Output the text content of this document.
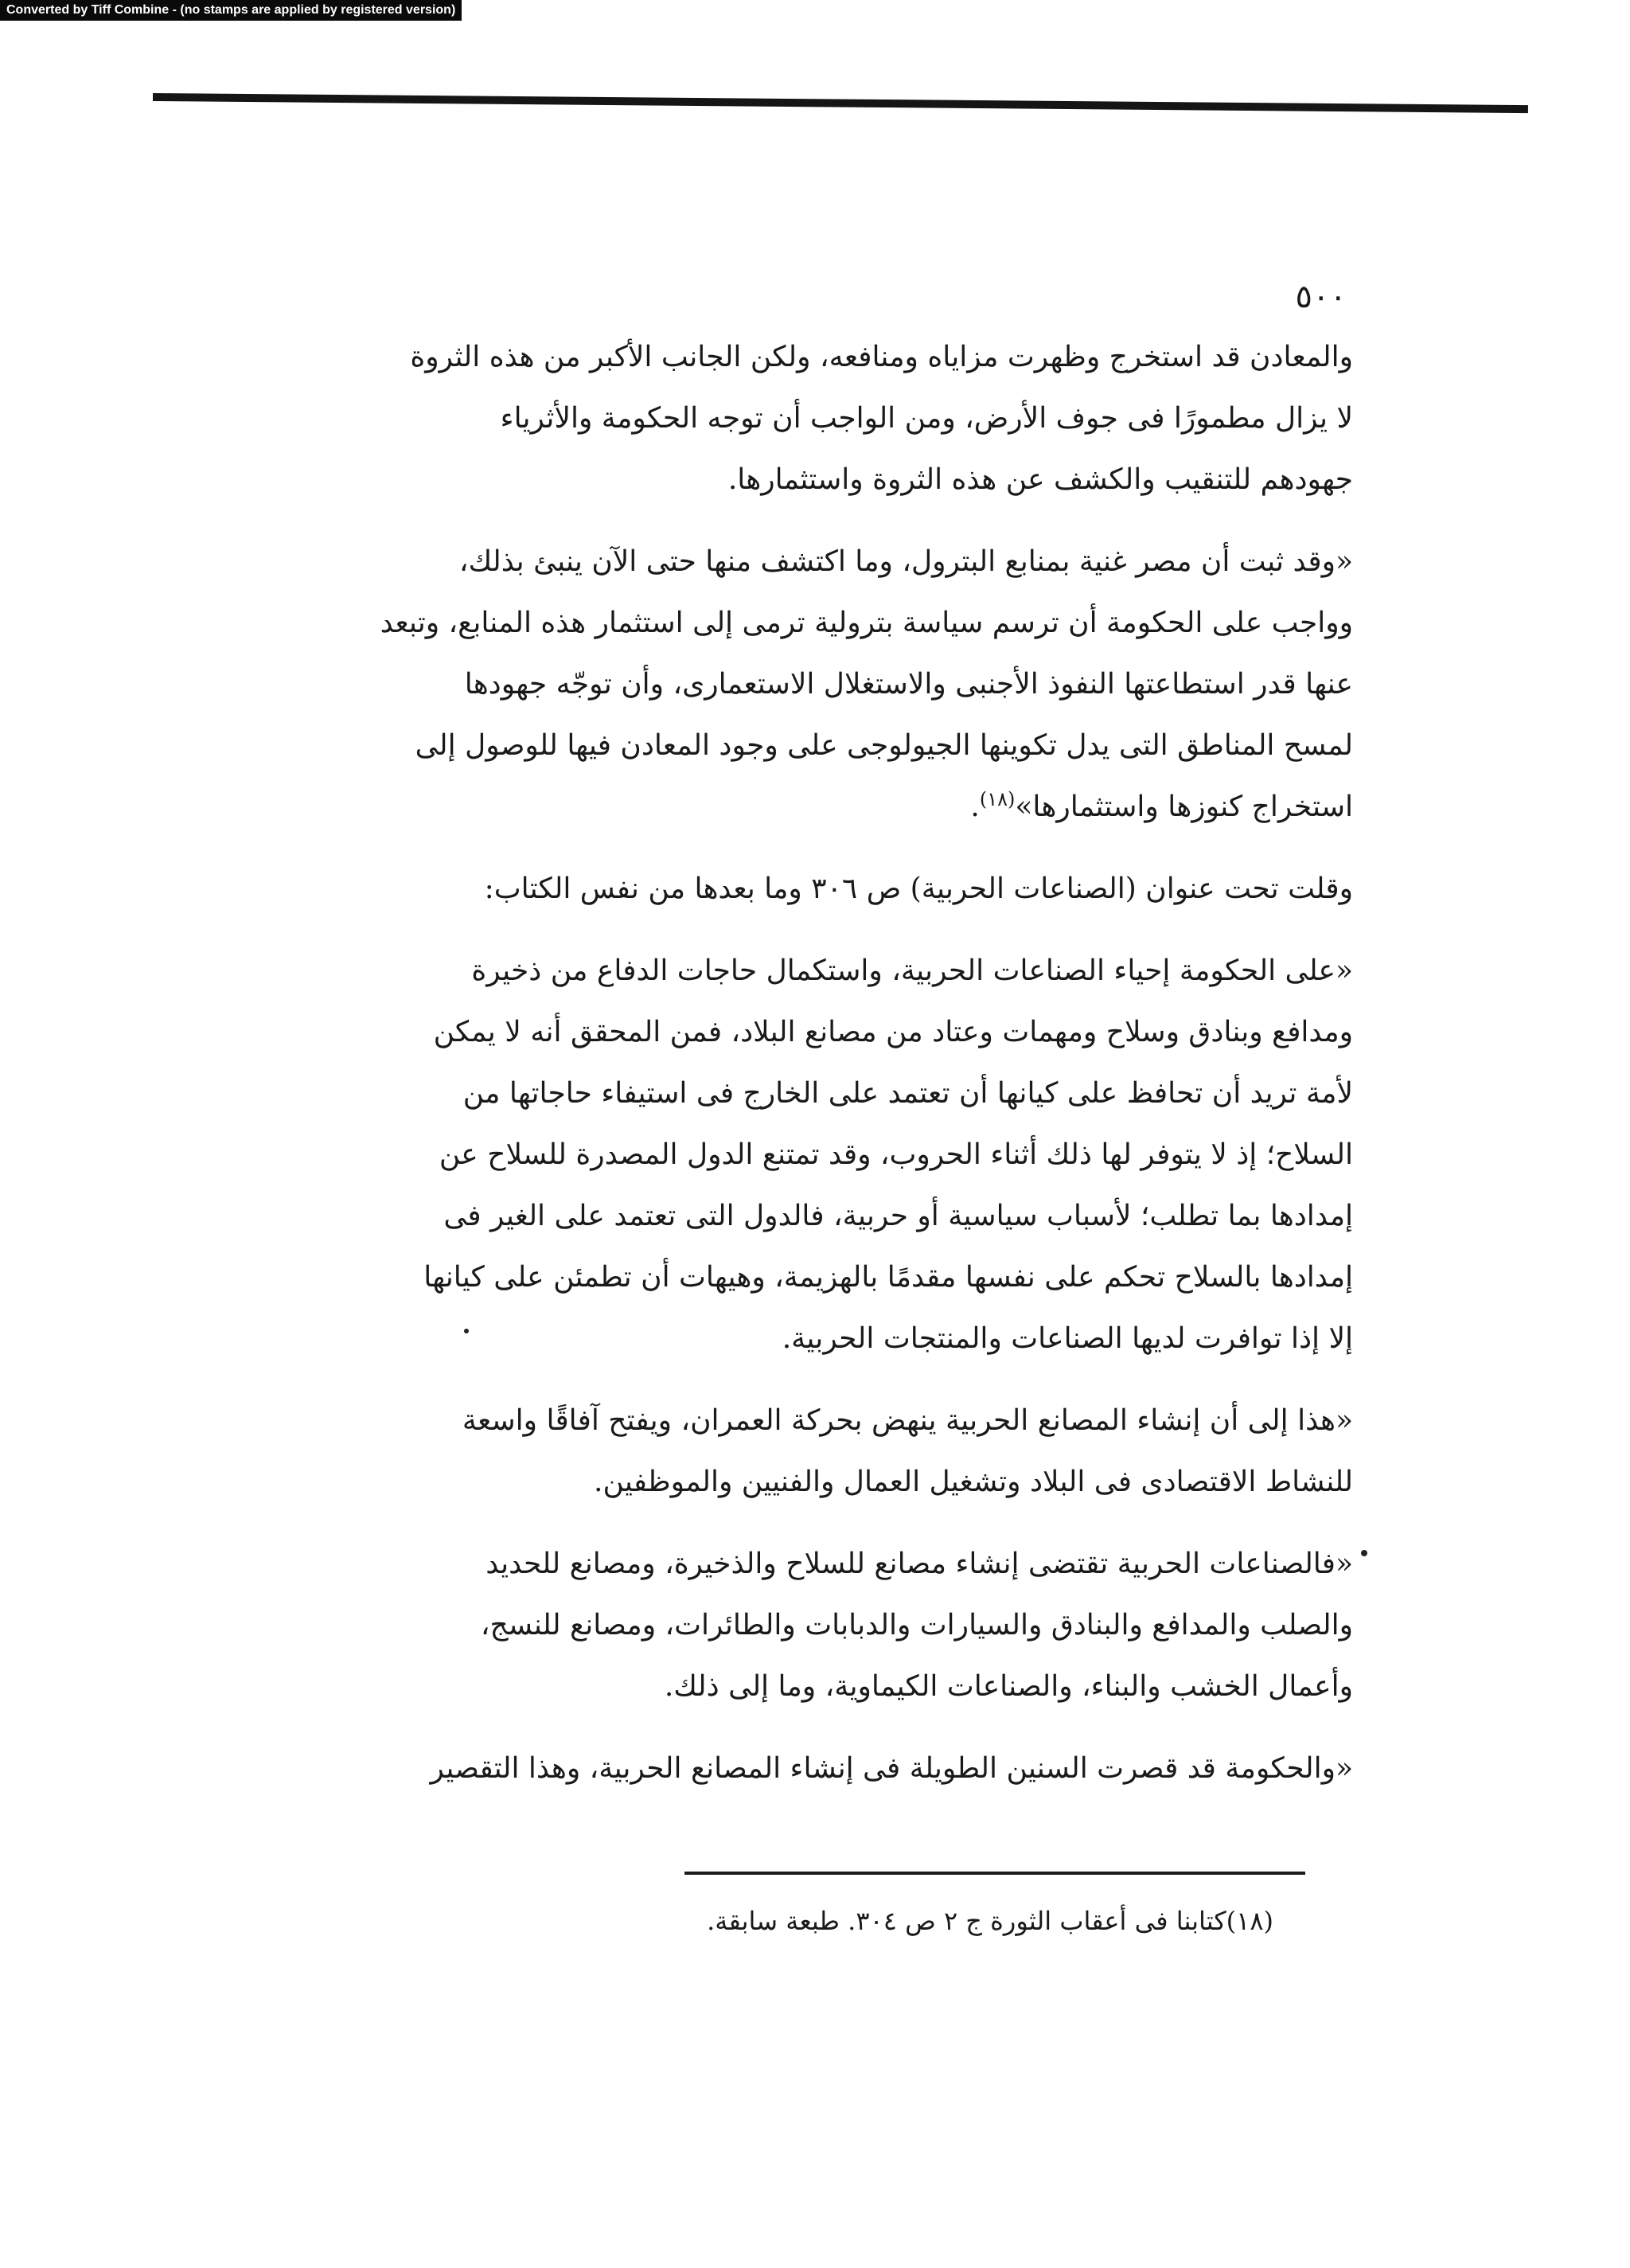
Converted by Tiff Combine - (no stamps are applied by registered version)
٥٠٠

والمعادن قد استخرج وظهرت مزاياه ومنافعه، ولكن الجانب الأكبر من هذه الثروة
لا يزال مطمورًا فى جوف الأرض، ومن الواجب أن توجه الحكومة والأثرياء
جهودهم للتنقيب والكشف عن هذه الثروة واستثمارها.

«وقد ثبت أن مصر غنية بمنابع البترول، وما اكتشف منها حتى الآن ينبئ بذلك،
وواجب على الحكومة أن ترسم سياسة بترولية ترمى إلى استثمار هذه المنابع، وتبعد
عنها قدر استطاعتها النفوذ الأجنبى والاستغلال الاستعمارى، وأن توجّه جهودها
لمسح المناطق التى يدل تكوينها الجيولوجى على وجود المعادن فيها للوصول إلى
استخراج كنوزها واستثمارها»$^{(١٨)}$.

وقلت تحت عنوان (الصناعات الحربية) ص ٣٠٦ وما بعدها من نفس الكتاب:

«على الحكومة إحياء الصناعات الحربية، واستكمال حاجات الدفاع من ذخيرة
ومدافع وبنادق وسلاح ومهمات وعتاد من مصانع البلاد، فمن المحقق أنه لا يمكن
لأمة تريد أن تحافظ على كيانها أن تعتمد على الخارج فى استيفاء حاجاتها من
السلاح؛ إذ لا يتوفر لها ذلك أثناء الحروب، وقد تمتنع الدول المصدرة للسلاح عن
إمدادها بما تطلب؛ لأسباب سياسية أو حربية، فالدول التى تعتمد على الغير فى
إمدادها بالسلاح تحكم على نفسها مقدمًا بالهزيمة، وهيهات أن تطمئن على كيانها
إلا إذا توافرت لديها الصناعات والمنتجات الحربية.

«هذا إلى أن إنشاء المصانع الحربية ينهض بحركة العمران، ويفتح آفاقًا واسعة
للنشاط الاقتصادى فى البلاد وتشغيل العمال والفنيين والموظفين.

«فالصناعات الحربية تقتضى إنشاء مصانع للسلاح والذخيرة، ومصانع للحديد
والصلب والمدافع والبنادق والسيارات والدبابات والطائرات، ومصانع للنسج،
وأعمال الخشب والبناء، والصناعات الكيماوية، وما إلى ذلك.

«والحكومة قد قصرت السنين الطويلة فى إنشاء المصانع الحربية، وهذا التقصير

(١٨)كتابنا فى أعقاب الثورة ج ٢ ص ٣٠٤. طبعة سابقة.
